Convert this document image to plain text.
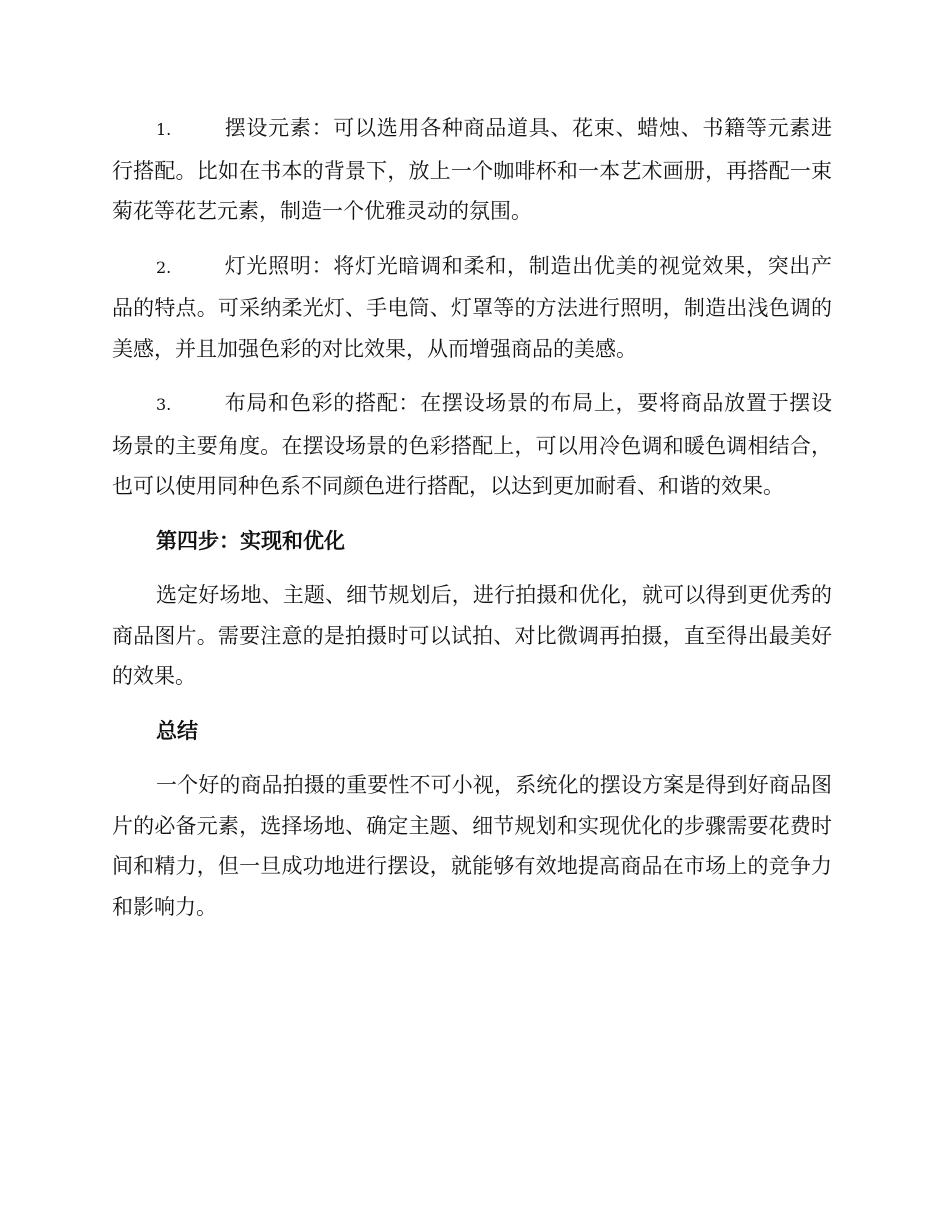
1.	摆设元素：可以选用各种商品道具、花束、蜡烛、书籍等元素进行搭配。比如在书本的背景下，放上一个咖啡杯和一本艺术画册，再搭配一束菊花等花艺元素，制造一个优雅灵动的氛围。

2.	灯光照明：将灯光暗调和柔和，制造出优美的视觉效果，突出产品的特点。可采纳柔光灯、手电筒、灯罩等的方法进行照明，制造出浅色调的美感，并且加强色彩的对比效果，从而增强商品的美感。

3.	布局和色彩的搭配：在摆设场景的布局上，要将商品放置于摆设场景的主要角度。在摆设场景的色彩搭配上，可以用冷色调和暖色调相结合，也可以使用同种色系不同颜色进行搭配，以达到更加耐看、和谐的效果。

第四步：实现和优化

选定好场地、主题、细节规划后，进行拍摄和优化，就可以得到更优秀的商品图片。需要注意的是拍摄时可以试拍、对比微调再拍摄，直至得出最美好的效果。

总结

一个好的商品拍摄的重要性不可小视，系统化的摆设方案是得到好商品图片的必备元素，选择场地、确定主题、细节规划和实现优化的步骤需要花费时间和精力，但一旦成功地进行摆设，就能够有效地提高商品在市场上的竞争力和影响力。
